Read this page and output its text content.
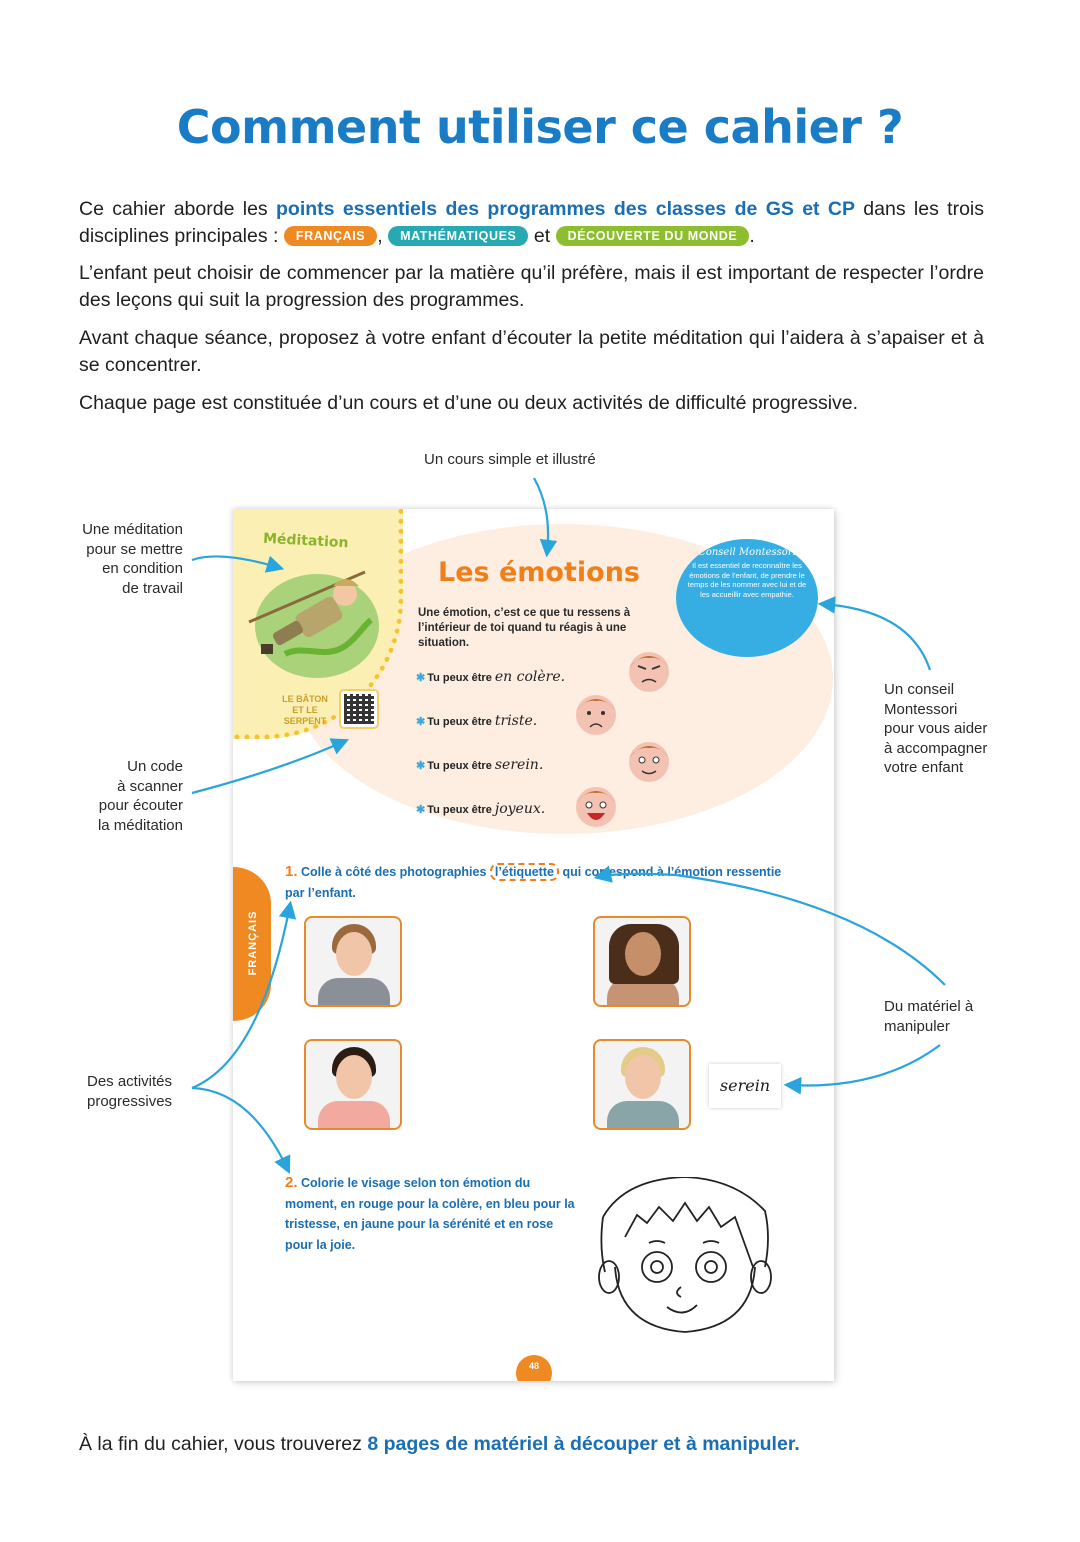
Comment utiliser ce cahier ?

Ce cahier aborde les points essentiels des programmes des classes de GS et CP dans les trois disciplines principales : FRANÇAIS , MATHÉMATIQUES et DÉCOUVERTE DU MONDE .

L’enfant peut choisir de commencer par la matière qu’il préfère, mais il est important de respecter l’ordre des leçons qui suit la progression des programmes.

Avant chaque séance, proposez à votre enfant d’écouter la petite méditation qui l’aidera à s’apaiser et à se concentrer.

Chaque page est constituée d’un cours et d’une ou deux activités de difficulté progressive.

Un cours simple et illustré
Une méditation
pour se mettre
en condition
de travail
Un code
à scanner
pour écouter
la méditation
Un conseil
Montessori
pour vous aider
à accompagner
votre enfant
Du matériel à
manipuler
Des activités
progressives
Méditation
LE BÂTON
ET LE SERPENT
Les émotions
Une émotion, c’est ce que tu ressens à l’intérieur de toi quand tu réagis à une situation.
✱ Tu peux être en colère.
✱ Tu peux être triste.
✱ Tu peux être serein.
✱ Tu peux être joyeux.
Conseil Montessori
Il est essentiel de reconnaître les émotions de l’enfant, de prendre le temps de les nommer avec lui et de les accueillir avec empathie.
FRANÇAIS
1. Colle à côté des photographies l’étiquette qui correspond à l’émotion ressentie par l’enfant.
2. Colorie le visage selon ton émotion du moment, en rouge pour la colère, en bleu pour la tristesse, en jaune pour la sérénité et en rose pour la joie.
48
serein
À la fin du cahier, vous trouverez 8 pages de matériel à découper et à manipuler.
